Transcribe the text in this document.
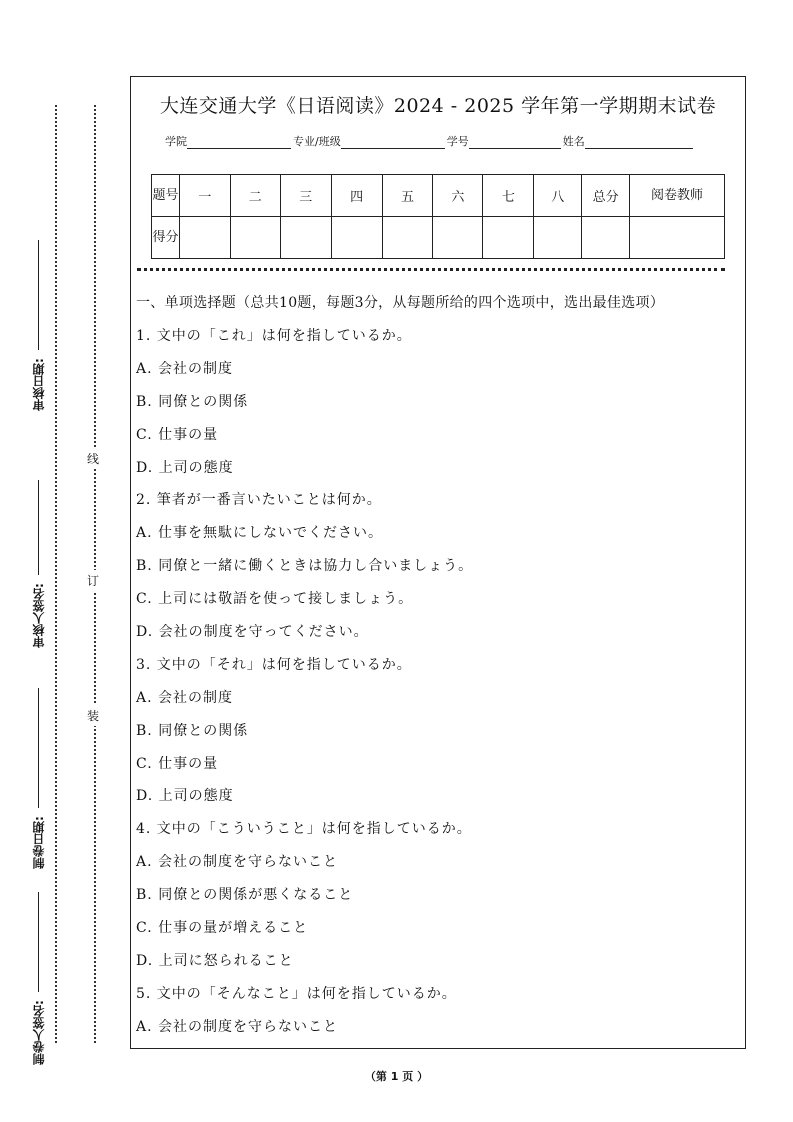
审核日期:
审核人签名:
制卷日期:
制卷人签名:
线
订
装
大连交通大学《日语阅读》2024 - 2025 学年第一学期期末试卷
学院	专业/班级	学号	姓名
题号	一	二	三	四	五	六	七	八	总分	阅卷教师
得分										
一、单项选择题（总共10题，每题3分，从每题所给的四个选项中，选出最佳选项）
1. 文中の「これ」は何を指しているか。
A. 会社の制度
B. 同僚との関係
C. 仕事の量
D. 上司の態度
2. 筆者が一番言いたいことは何か。
A. 仕事を無駄にしないでください。
B. 同僚と一緒に働くときは協力し合いましょう。
C. 上司には敬語を使って接しましょう。
D. 会社の制度を守ってください。
3. 文中の「それ」は何を指しているか。
A. 会社の制度
B. 同僚との関係
C. 仕事の量
D. 上司の態度
4. 文中の「こういうこと」は何を指しているか。
A. 会社の制度を守らないこと
B. 同僚との関係が悪くなること
C. 仕事の量が増えること
D. 上司に怒られること
5. 文中の「そんなこと」は何を指しているか。
A. 会社の制度を守らないこと
（第 1 页 ）
